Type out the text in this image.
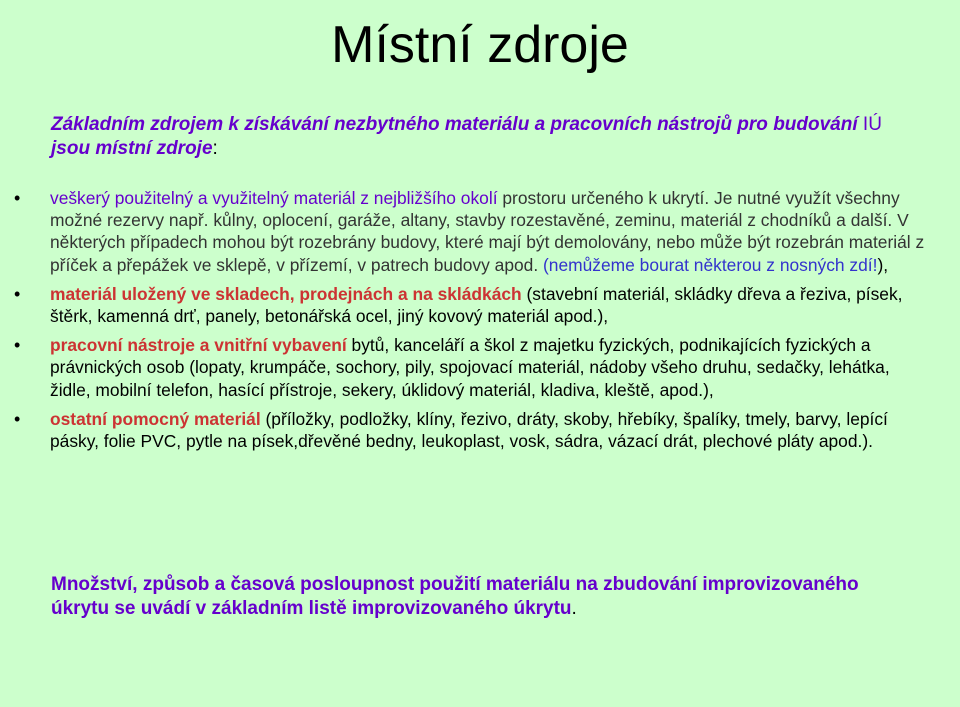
Místní zdroje
Základním zdrojem k získávání nezbytného materiálu a pracovních nástrojů pro budování IÚ jsou místní zdroje:
• veškerý použitelný a využitelný materiál z nejbližšího okolí prostoru určeného k ukrytí. Je nutné využít všechny možné rezervy např. kůlny, oplocení, garáže, altany, stavby rozestavěné, zeminu, materiál z chodníků a další. V některých případech mohou být rozebrány budovy, které mají být demolovány, nebo může být rozebrán materiál z příček a přepážek ve sklepě, v přízemí, v patrech budovy apod. (nemůžeme bourat některou z nosných zdí!),
• materiál uložený ve skladech, prodejnách a na skládkách (stavební materiál, skládky dřeva a řeziva, písek, štěrk, kamenná drť, panely, betonářská ocel, jiný kovový materiál apod.),
• pracovní nástroje a vnitřní vybavení bytů, kanceláří a škol z majetku fyzických, podnikajících fyzických a právnických osob (lopaty, krumpáče, sochory, pily, spojovací materiál, nádoby všeho druhu, sedačky, lehátka, židle, mobilní telefon, hasící přístroje, sekery, úklidový materiál, kladiva, kleště, apod.),
• ostatní pomocný materiál (příložky, podložky, klíny, řezivo, dráty, skoby, hřebíky, špalíky, tmely, barvy, lepící pásky, folie PVC, pytle na písek,dřevěné bedny, leukoplast, vosk, sádra, vázací drát, plechové pláty apod.).
Množství, způsob a časová posloupnost použití materiálu na zbudování improvizovaného úkrytu se uvádí v základním listě improvizovaného úkrytu.
